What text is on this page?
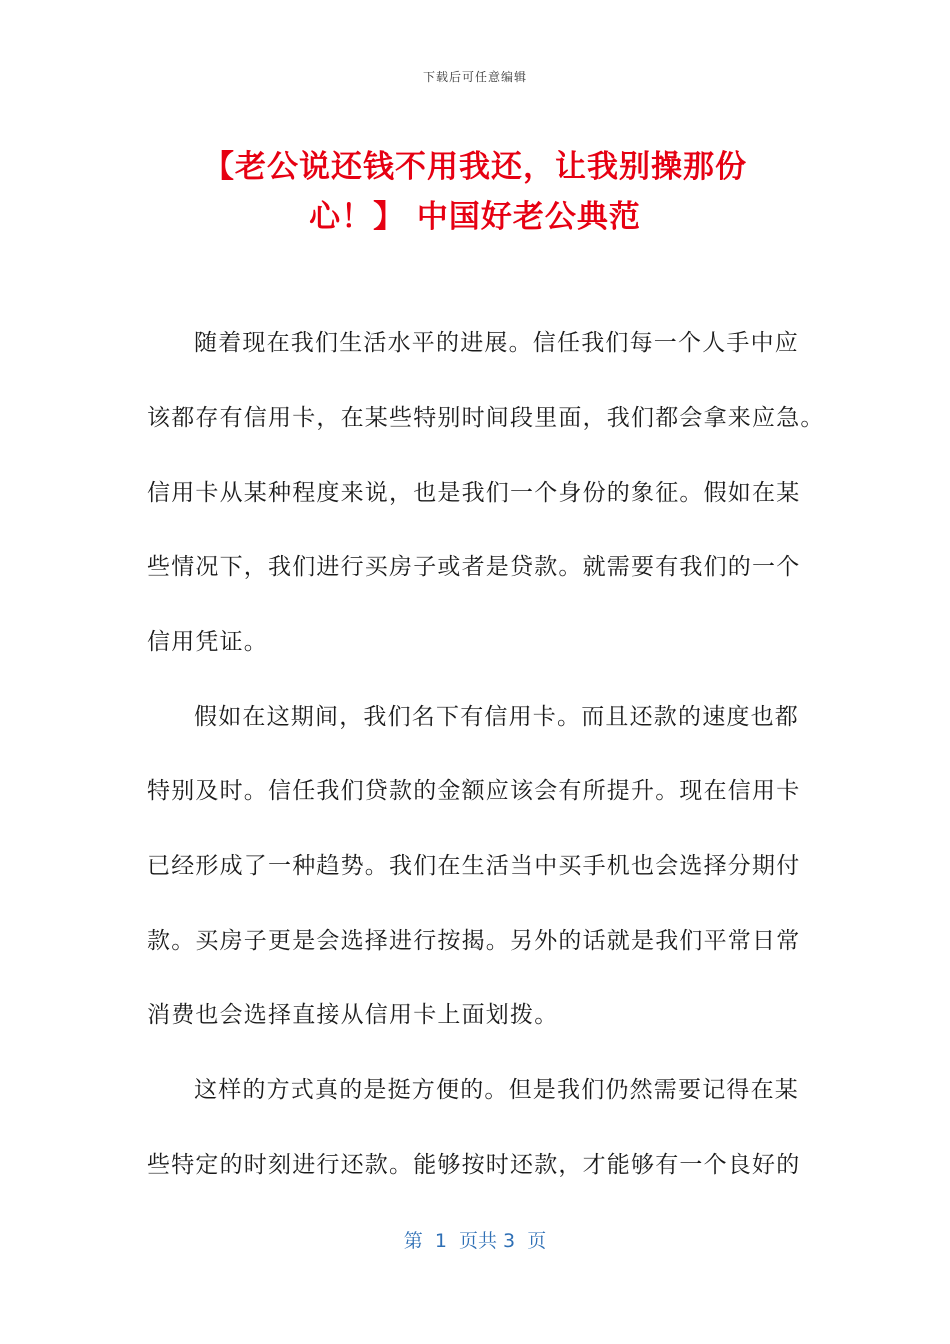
下载后可任意编辑
【老公说还钱不用我还，让我别操那份
心！】 中国好老公典范
随着现在我们生活水平的进展。信任我们每一个人手中应
该都存有信用卡，在某些特别时间段里面，我们都会拿来应急。
信用卡从某种程度来说，也是我们一个身份的象征。假如在某
些情况下，我们进行买房子或者是贷款。就需要有我们的一个
信用凭证。
假如在这期间，我们名下有信用卡。而且还款的速度也都
特别及时。信任我们贷款的金额应该会有所提升。现在信用卡
已经形成了一种趋势。我们在生活当中买手机也会选择分期付
款。买房子更是会选择进行按揭。另外的话就是我们平常日常
消费也会选择直接从信用卡上面划拨。
这样的方式真的是挺方便的。但是我们仍然需要记得在某
些特定的时刻进行还款。能够按时还款，才能够有一个良好的
第  1  页共 3  页
